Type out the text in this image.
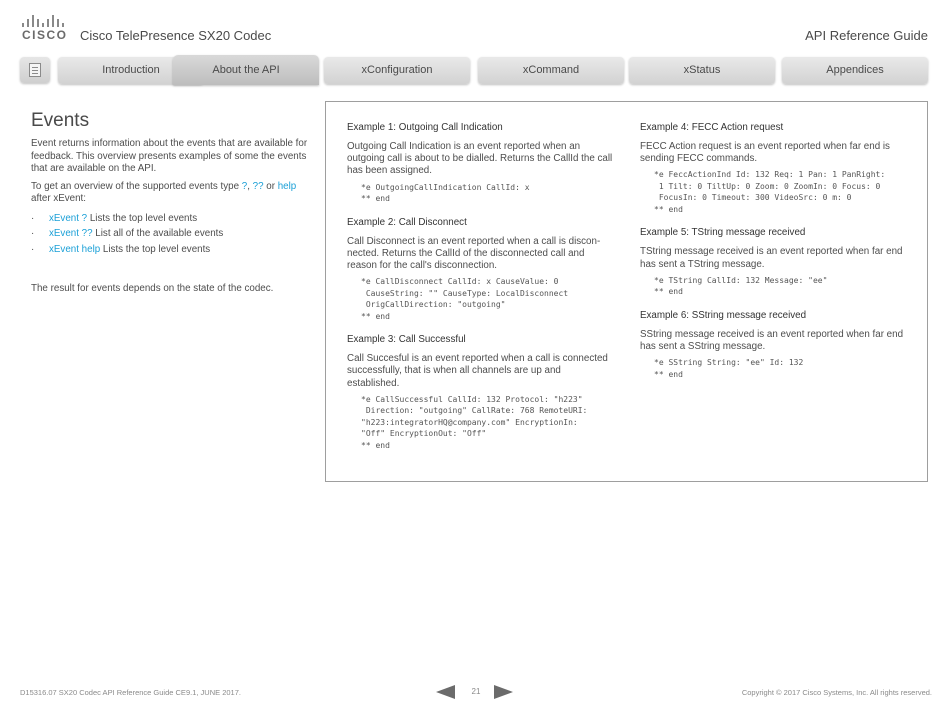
CISCO Cisco TelePresence SX20 Codec	API Reference Guide
Introduction	About the API	xConfiguration	xCommand	xStatus	Appendices
Events

Event returns information about the events that are available for feedback. This overview presents examples of some the events that are available on the API.

To get an overview of the supported events type ?, ?? or help
after xEvent:

· xEvent ? Lists the top level events
· xEvent ?? List all of the available events
· xEvent help Lists the top level events

The result for events depends on the state of the codec.

Example 1: Outgoing Call Indication

Outgoing Call Indication is an event reported when an outgoing call is about to be dialled. Returns the CallId the call has been assigned.

*e OutgoingCallIndication CallId: x
** end
Example 2: Call Disconnect

Call Disconnect is an event reported when a call is discon-nected. Returns the CallId of the disconnected call and reason for the call's disconnection.

*e CallDisconnect CallId: x CauseValue: 0
CauseString: "" CauseType: LocalDisconnect
OrigCallDirection: "outgoing"
** end
Example 3: Call Successful

Call Succesful is an event reported when a call is connected successfully, that is when all channels are up and established.

*e CallSuccessful CallId: 132 Protocol: "h223"
Direction: "outgoing" CallRate: 768 RemoteURI:
"h223:integratorHQ@company.com" EncryptionIn:
"Off" EncryptionOut: "Off"
** end
Example 4: FECC Action request

FECC Action request is an event reported when far end is sending FECC commands.

*e FeccActionInd Id: 132 Req: 1 Pan: 1 PanRight:
1 Tilt: 0 TiltUp: 0 Zoom: 0 ZoomIn: 0 Focus: 0
FocusIn: 0 Timeout: 300 VideoSrc: 0 m: 0
** end
Example 5: TString message received

TString message received is an event reported when far end has sent a TString message.

*e TString CallId: 132 Message: "ee"
** end
Example 6: SString message received

SString message received is an event reported when far end has sent a SString message.

*e SString String: "ee" Id: 132
** end
D15316.07 SX20 Codec API Reference Guide CE9.1, JUNE 2017.	21	Copyright © 2017 Cisco Systems, Inc. All rights reserved.
